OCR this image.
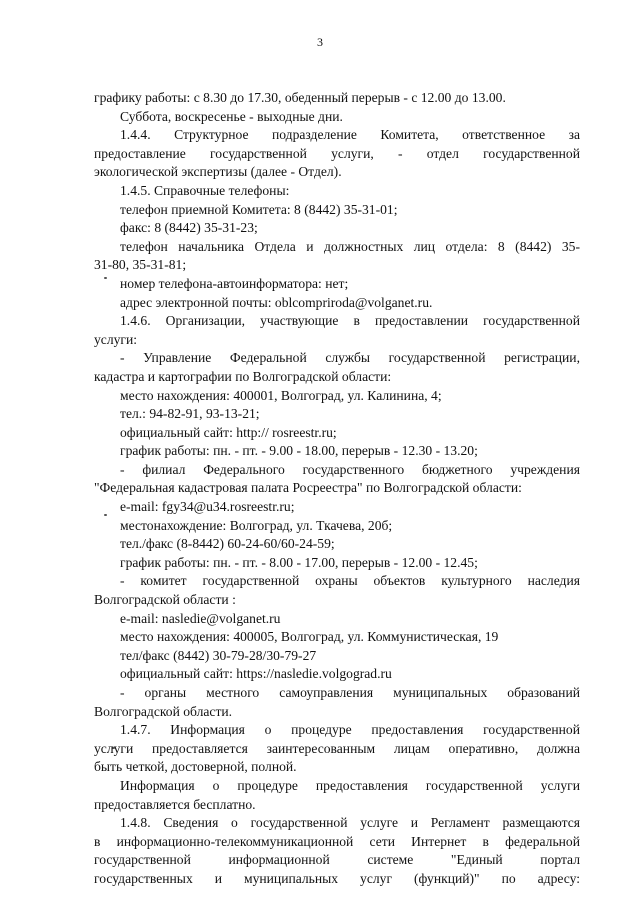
3
графику работы: с 8.30 до 17.30, обеденный перерыв - с 12.00 до 13.00.
Суббота, воскресенье - выходные дни.
1.4.4. Структурное подразделение Комитета, ответственное за
предоставление государственной услуги, - отдел государственной
экологической экспертизы (далее - Отдел).
1.4.5. Справочные телефоны:
телефон приемной Комитета: 8 (8442) 35-31-01;
факс: 8 (8442) 35-31-23;
телефон начальника Отдела и должностных лиц отдела: 8 (8442) 35-
31-80, 35-31-81;
номер телефона-автоинформатора: нет;
адрес электронной почты: oblcomprirodа@volganet.ru.
1.4.6. Организации, участвующие в предоставлении государственной
услуги:
- Управление Федеральной службы государственной регистрации,
кадастра и картографии по Волгоградской области:
место нахождения: 400001, Волгоград, ул. Калинина, 4;
тел.: 94-82-91, 93-13-21;
официальный сайт: http:// rosreestr.ru;
график работы: пн. - пт. - 9.00 - 18.00, перерыв - 12.30 - 13.20;
- филиал Федерального государственного бюджетного учреждения
"Федеральная кадастровая палата Росреестра" по Волгоградской области:
e-mail: fgy34@u34.rosreestr.ru;
местонахождение: Волгоград, ул. Ткачева, 20б;
тел./факс (8-8442) 60-24-60/60-24-59;
график работы: пн. - пт. - 8.00 - 17.00, перерыв - 12.00 - 12.45;
- комитет государственной охраны объектов культурного наследия
Волгоградской области :
e-mail: nasledie@volganet.ru
место нахождения: 400005, Волгоград, ул. Коммунистическая, 19
тел/факс (8442) 30-79-28/30-79-27
официальный сайт: https://nasledie.volgograd.ru
- органы местного самоуправления муниципальных образований
Волгоградской области.
1.4.7. Информация о процедуре предоставления государственной
услуги предоставляется заинтересованным лицам оперативно, должна
быть четкой, достоверной, полной.
Информация о процедуре предоставления государственной услуги
предоставляется бесплатно.
1.4.8. Сведения о государственной услуге и Регламент размещаются
в информационно-телекоммуникационной сети Интернет в федеральной
государственной информационной системе "Единый портал
государственных и муниципальных услуг (функций)" по адресу:
